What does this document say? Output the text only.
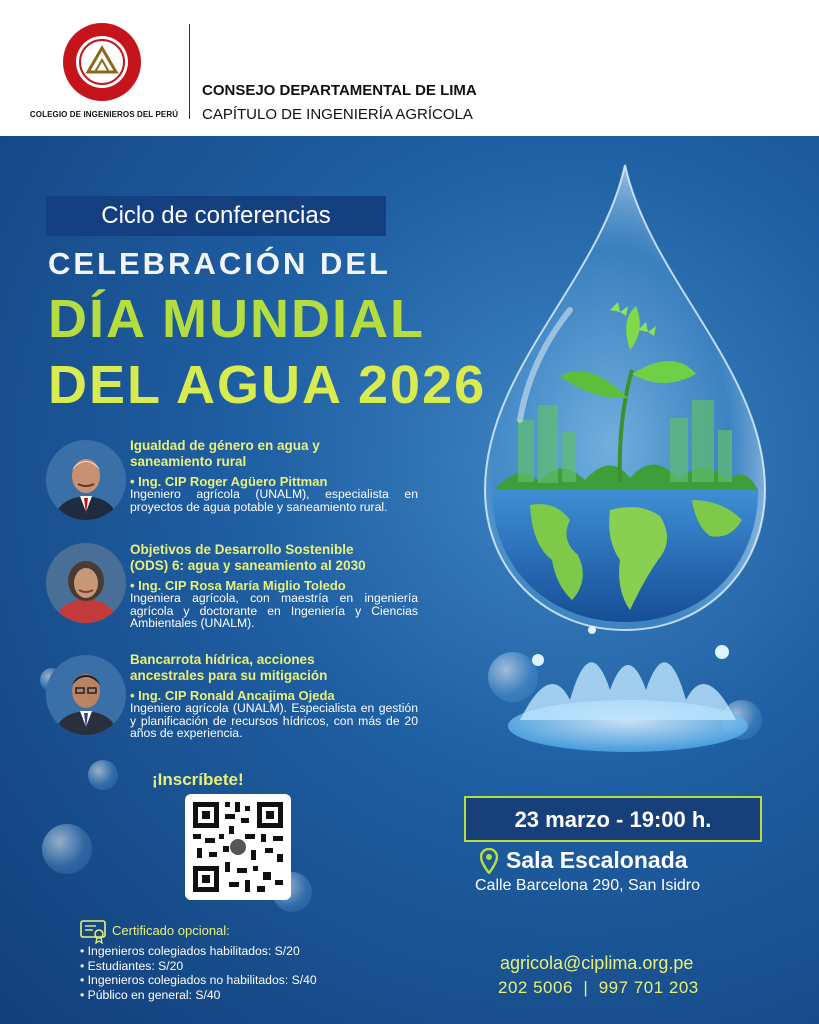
COLEGIO DE INGENIEROS DEL PERÚ
CONSEJO DEPARTAMENTAL DE LIMA
CAPÍTULO DE INGENIERÍA AGRÍCOLA
Ciclo de conferencias
CELEBRACIÓN DEL
DÍA MUNDIAL
DEL AGUA 2026
Igualdad de género en agua y
saneamiento rural
• Ing. CIP Roger Agüero Pittman
Ingeniero agrícola (UNALM), especialista en proyectos de agua potable y saneamiento rural.
Objetivos de Desarrollo Sostenible
(ODS) 6: agua y saneamiento al 2030
• Ing. CIP Rosa María Miglio Toledo
Ingeniera agrícola, con maestría en ingeniería agrícola y doctorante en Ingeniería y Ciencias Ambientales (UNALM).
Bancarrota hídrica, acciones
ancestrales para su mitigación
• Ing. CIP Ronald Ancajima Ojeda
Ingeniero agrícola (UNALM). Especialista en gestión y planificación de recursos hídricos, con más de 20 años de experiencia.
¡Inscríbete!
23 marzo - 19:00 h.
Sala Escalonada
Calle Barcelona 290, San Isidro
Certificado opcional:
• Ingenieros colegiados habilitados: S/20
• Estudiantes: S/20
• Ingenieros colegiados no habilitados: S/40
• Público en general: S/40
agricola@ciplima.org.pe
202 5006  |  997 701 203
